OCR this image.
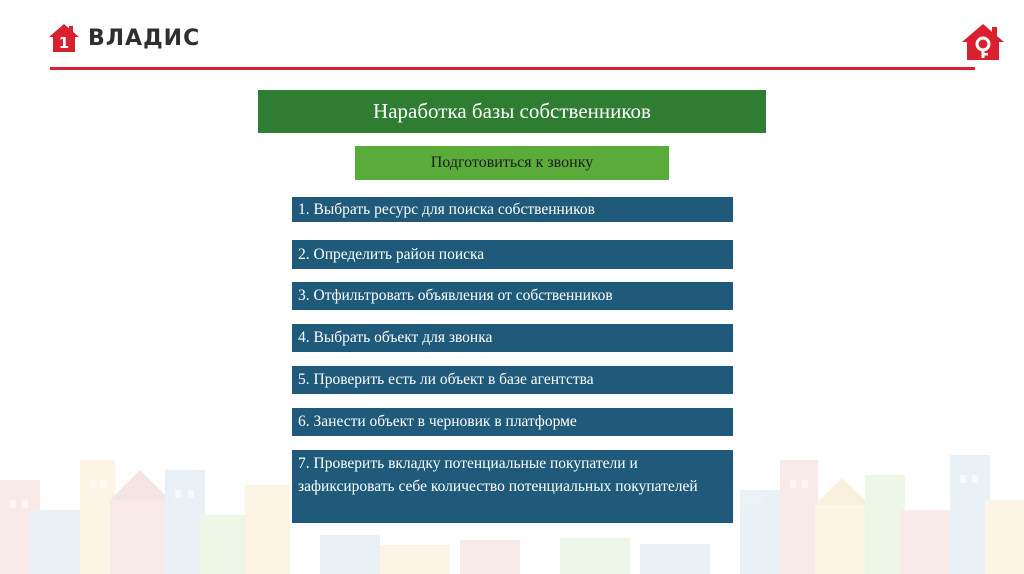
1 ВЛАДИС
Наработка базы собственников
Подготовиться к звонку
1. Выбрать ресурс для поиска собственников
2. Определить район поиска
3. Отфильтровать объявления от собственников
4. Выбрать объект для звонка
5. Проверить есть ли объект в базе агентства
6. Занести объект в черновик в платформе
7. Проверить вкладку потенциальные покупатели и зафиксировать себе количество потенциальных покупателей
